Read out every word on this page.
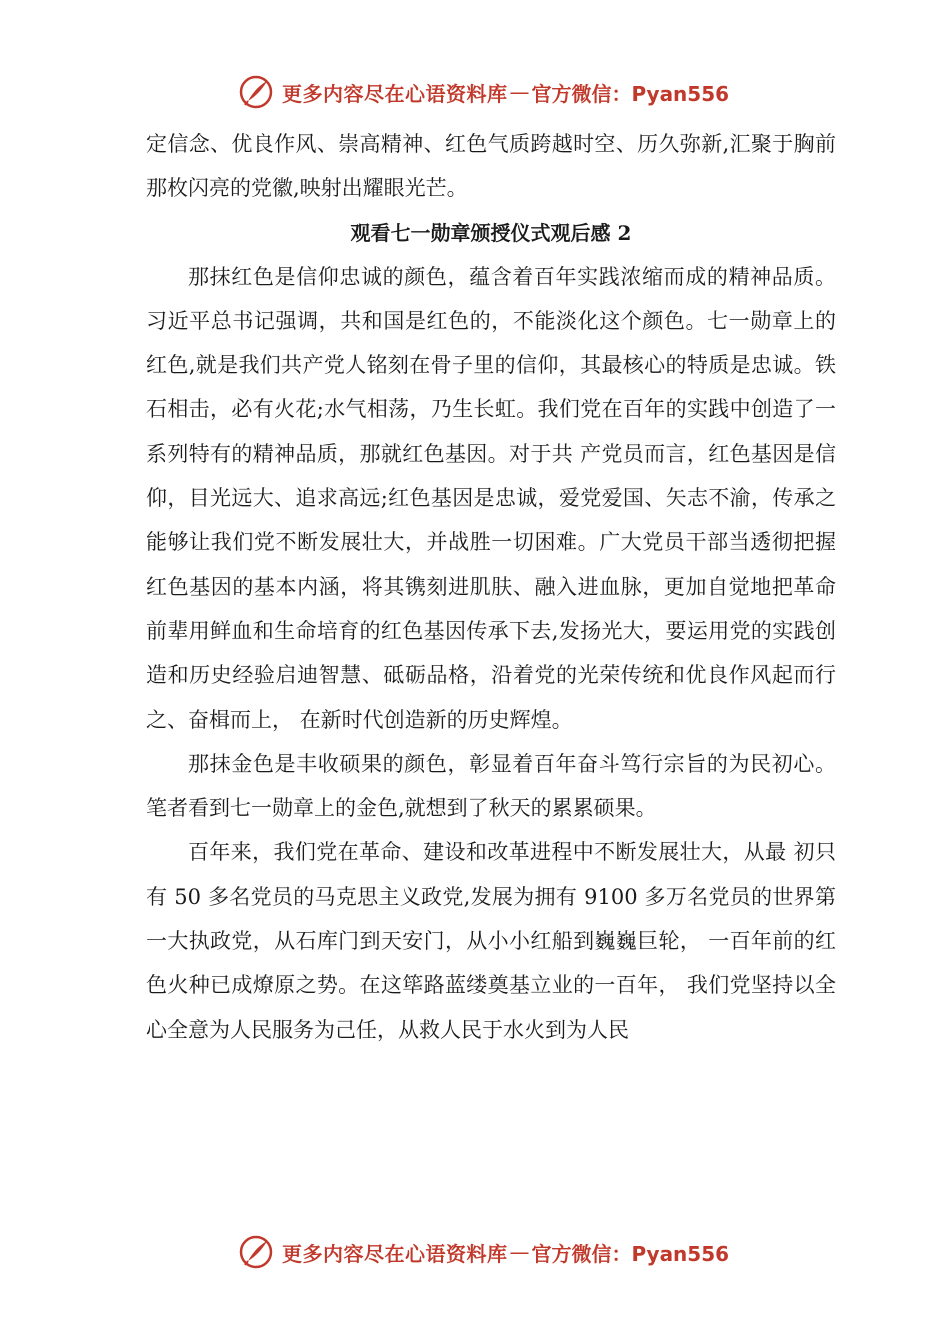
更多内容尽在心语资料库 — 官方微信：Pyan556

定信念、优良作风、崇高精神、红色气质跨越时空、历久弥新,汇聚于胸前那枚闪亮的党徽,映射出耀眼光芒。

观看七一勋章颁授仪式观后感 2

那抹红色是信仰忠诚的颜色，蕴含着百年实践浓缩而成的精神品质。习近平总书记强调，共和国是红色的，不能淡化这个颜色。七一勋章上的红色,就是我们共产党人铭刻在骨子里的信仰，其最核心的特质是忠诚。铁石相击，必有火花;水气相荡，乃生长虹。我们党在百年的实践中创造了一系列特有的精神品质，那就红色基因。对于共 产党员而言，红色基因是信仰，目光远大、追求高远;红色基因是忠诚，爱党爱国、矢志不渝，传承之能够让我们党不断发展壮大，并战胜一切困难。广大党员干部当透彻把握红色基因的基本内涵，将其镌刻进肌肤、融入进血脉，更加自觉地把革命前辈用鲜血和生命培育的红色基因传承下去,发扬光大，要运用党的实践创造和历史经验启迪智慧、砥砺品格，沿着党的光荣传统和优良作风起而行之、奋楫而上， 在新时代创造新的历史辉煌。

那抹金色是丰收硕果的颜色，彰显着百年奋斗笃行宗旨的为民初心。笔者看到七一勋章上的金色,就想到了秋天的累累硕果。

百年来，我们党在革命、建设和改革进程中不断发展壮大，从最 初只有 50 多名党员的马克思主义政党,发展为拥有 9100 多万名党员的世界第一大执政党，从石库门到天安门，从小小红船到巍巍巨轮， 一百年前的红色火种已成燎原之势。在这筚路蓝缕奠基立业的一百年， 我们党坚持以全心全意为人民服务为己任，从救人民于水火到为人民

更多内容尽在心语资料库 — 官方微信：Pyan556
